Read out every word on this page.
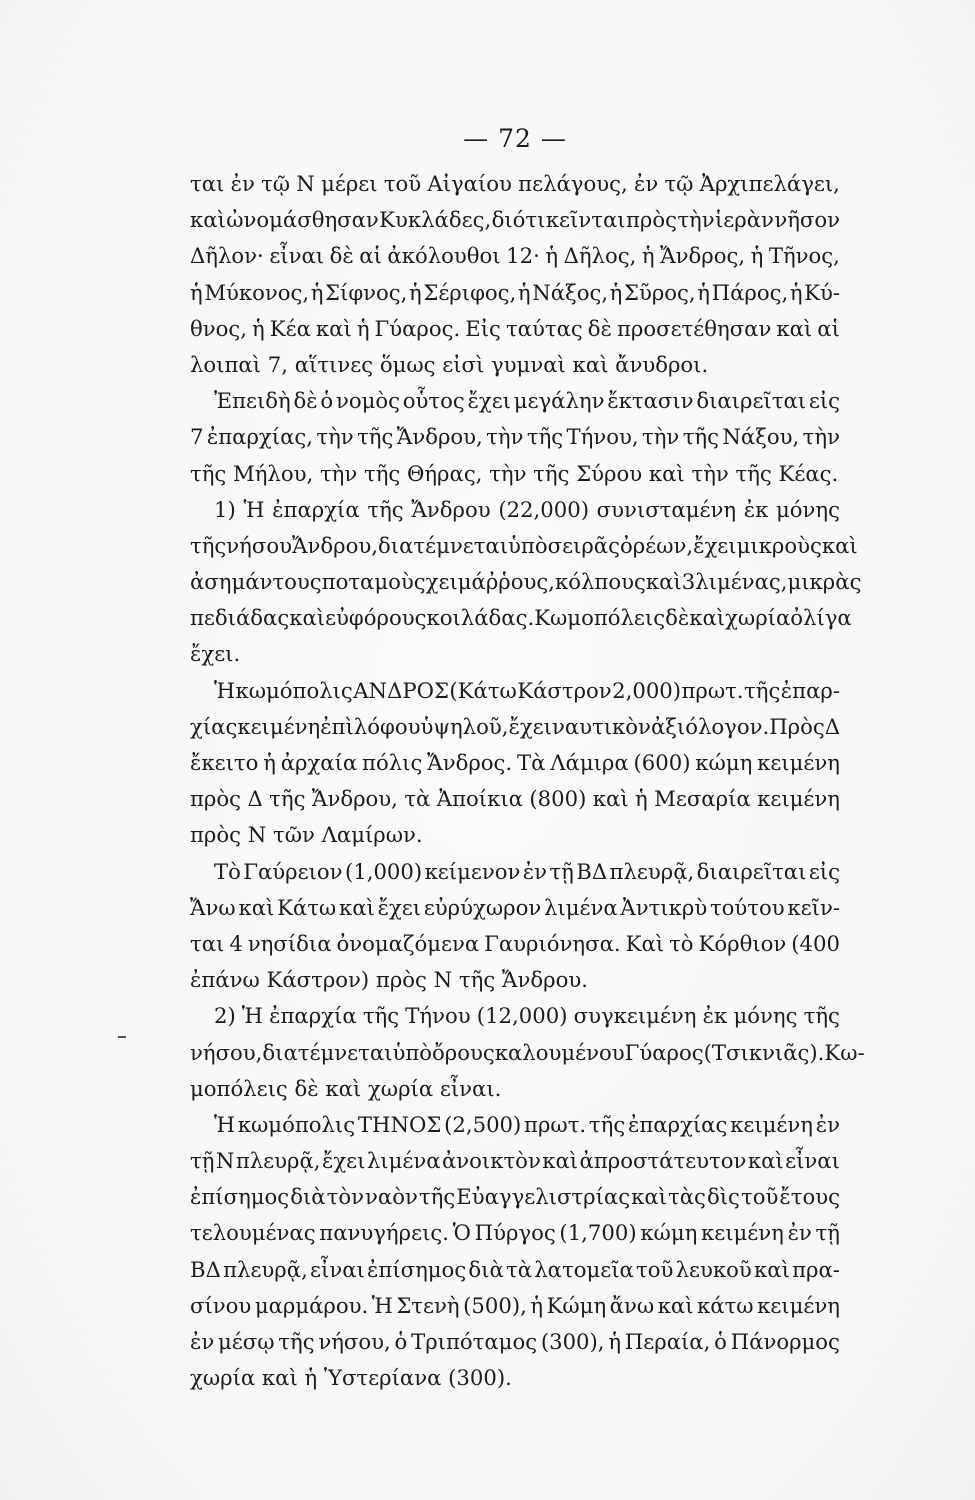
— 72 —
ται ἐν τῷ Ν μέρει τοῦ Αἰγαίου πελάγους, ἐν τῷ Ἀρχιπελάγει,
καὶ ὠνομάσθησαν Κυκλάδες, διότι κεῖνται πρὸς τὴν ἱερὰν νῆσον
Δῆλον· εἶναι δὲ αἱ ἀκόλουθοι 12· ἡ Δῆλος, ἡ Ἄνδρος, ἡ Τῆνος,
ἡ Μύκονος, ἡ Σίφνος, ἡ Σέριφος, ἡ Νάξος, ἡ Σῦρος, ἡ Πάρος, ἡ Κύ-
θνος, ἡ Κέα καὶ ἡ Γύαρος. Εἰς ταύτας δὲ προσετέθησαν καὶ αἱ
λοιπαὶ 7, αἵτινες ὅμως εἰσὶ γυμναὶ καὶ ἄνυδροι.
Ἐπειδὴ δὲ ὁ νομὸς οὗτος ἔχει μεγάλην ἔκτασιν διαιρεῖται εἰς
7 ἐπαρχίας, τὴν τῆς Ἄνδρου, τὴν τῆς Τήνου, τὴν τῆς Νάξου, τὴν
τῆς Μήλου, τὴν τῆς Θήρας, τὴν τῆς Σύρου καὶ τὴν τῆς Κέας.
1) Ἡ ἐπαρχία τῆς Ἄνδρου (22,000) συνισταμένη ἐκ μόνης
τῆς νήσου Ἄνδρου, διατέμνεται ὑπὸ σειρᾶς ὀρέων, ἔχει μικροὺς καὶ
ἀσημάντους ποταμοὺς χειμάῤῥους, κόλπους καὶ 3 λιμένας, μικρὰς
πεδιάδας καὶ εὐφόρους κοιλάδας. Κωμοπόλεις δὲ καὶ χωρία ὀλίγα
ἔχει.
Ἡ κωμόπολις ΑΝΔΡΟΣ (Κάτω Κάστρον 2,000) πρωτ. τῆς ἐπαρ-
χίας κειμένη ἐπὶ λόφου ὑψηλοῦ, ἔχει ναυτικὸν ἀξιόλογον. Πρὸς Δ
ἔκειτο ἡ ἀρχαία πόλις Ἄνδρος. Τὰ Λάμιρα (600) κώμη κειμένη
πρὸς Δ τῆς Ἄνδρου, τὰ Ἀποίκια (800) καὶ ἡ Μεσαρία κειμένη
πρὸς Ν τῶν Λαμίρων.
Τὸ Γαύρειον (1,000) κείμενον ἐν τῇ ΒΔ πλευρᾷ, διαιρεῖται εἰς
Ἄνω καὶ Κάτω καὶ ἔχει εὐρύχωρον λιμένα Ἀντικρὺ τούτου κεῖν-
ται 4 νησίδια ὀνομαζόμενα Γαυριόνησα. Καὶ τὸ Κόρθιον (400
ἐπάνω Κάστρον) πρὸς Ν τῆς Ἄνδρου.
2) Ἡ ἐπαρχία τῆς Τήνου (12,000) συγκειμένη ἐκ μόνης τῆς
νήσου, διατέμνεται ὑπὸ ὄρους καλουμένου Γύαρος (Τσικνιᾶς). Κω-
μοπόλεις δὲ καὶ χωρία εἶναι.
Ἡ κωμόπολις ΤΗΝΟΣ (2,500) πρωτ. τῆς ἐπαρχίας κειμένη ἐν
τῇ Ν πλευρᾷ, ἔχει λιμένα ἀνοικτὸν καὶ ἀπροστάτευτον καὶ εἶναι
ἐπίσημος διὰ τὸν ναὸν τῆς Εὐαγγελιστρίας καὶ τὰς δὶς τοῦ ἔτους
τελουμένας πανυγήρεις. Ὁ Πύργος (1,700) κώμη κειμένη ἐν τῇ
ΒΔ πλευρᾷ, εἶναι ἐπίσημος διὰ τὰ λατομεῖα τοῦ λευκοῦ καὶ πρα-
σίνου μαρμάρου. Ἡ Στενὴ (500), ἡ Κώμη ἄνω καὶ κάτω κειμένη
ἐν μέσῳ τῆς νήσου, ὁ Τριπόταμος (300), ἡ Περαία, ὁ Πάνορμος
χωρία καὶ ἡ Ὑστερίανα (300).
